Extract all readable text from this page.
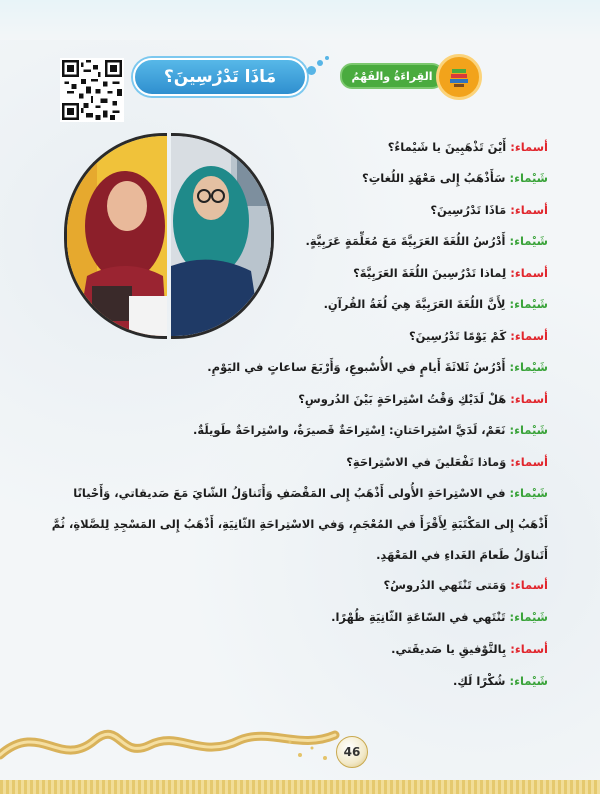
مَاذَا تَدْرُسِينَ؟	القِراءَةُ والفَهْمُ
أسماء: أَيْنَ تَذْهَبِينَ يا شَيْماءُ؟
شَيْماء: سَأَذْهَبُ إِلى مَعْهَدِ اللُغاتِ؟
أسماء: مَاذَا تَدْرُسِينَ؟
شَيْماء: أَدْرُسُ اللُغَةَ العَرَبِيَّةَ مَعَ مُعَلِّمَةٍ عَرَبِيَّةٍ.
أسماء: لِماذا تَدْرُسِينَ اللُغَةَ العَرَبِيَّةَ؟
شَيْماء: لِأَنَّ اللُغَةَ العَرَبِيَّةَ هِيَ لُغَةُ القُرآنِ.
أسماء: كَمْ يَوْمًا تَدْرُسِينَ؟
شَيْماء: أَدْرُسُ ثَلاثَةَ أَيامٍ في الأُسْبوعِ، وَأَرْبَعَ ساعاتٍ في اليَوْمِ.
أسماء: هَلْ لَدَيْكِ وَقْتُ اسْتِراحَةٍ بَيْنَ الدُروسِ؟
شَيْماء: نَعَمْ، لَدَيَّ اسْتِراحَتانِ: اِسْتِراحَةٌ قَصيرَةٌ، واسْتِراحَةٌ طَويلَةٌ.
أسماء: وَماذا تَفْعَلينَ في الاسْتِراحَةِ؟
شَيْماء: في الاسْتِراحَةِ الأُولى أَذْهَبُ إِلى المَقْصَفِ وَأَتَناوَلُ الشّايَ مَعَ صَديقاتي، وَأَحْيانًا أَذْهَبُ إِلى المَكْتَبَةِ لِأَقْرَأَ في المُعْجَمِ، وَفي الاسْتِراحَةِ الثّانِيَةِ، أَذْهَبُ إِلى المَسْجِدِ لِلصَّلاةِ، ثُمَّ أَتَناوَلُ طَعامَ الغَداءِ في المَعْهَدِ.
أسماء: وَمَتى تَنْتَهي الدُروسُ؟
شَيْماء: تَنْتَهي في السّاعَةِ الثّانِيَةِ ظُهْرًا.
أسماء: بِالتَّوْفيقِ يا صَديقَتي.
شَيْماء: شُكْرًا لَكِ.
46
